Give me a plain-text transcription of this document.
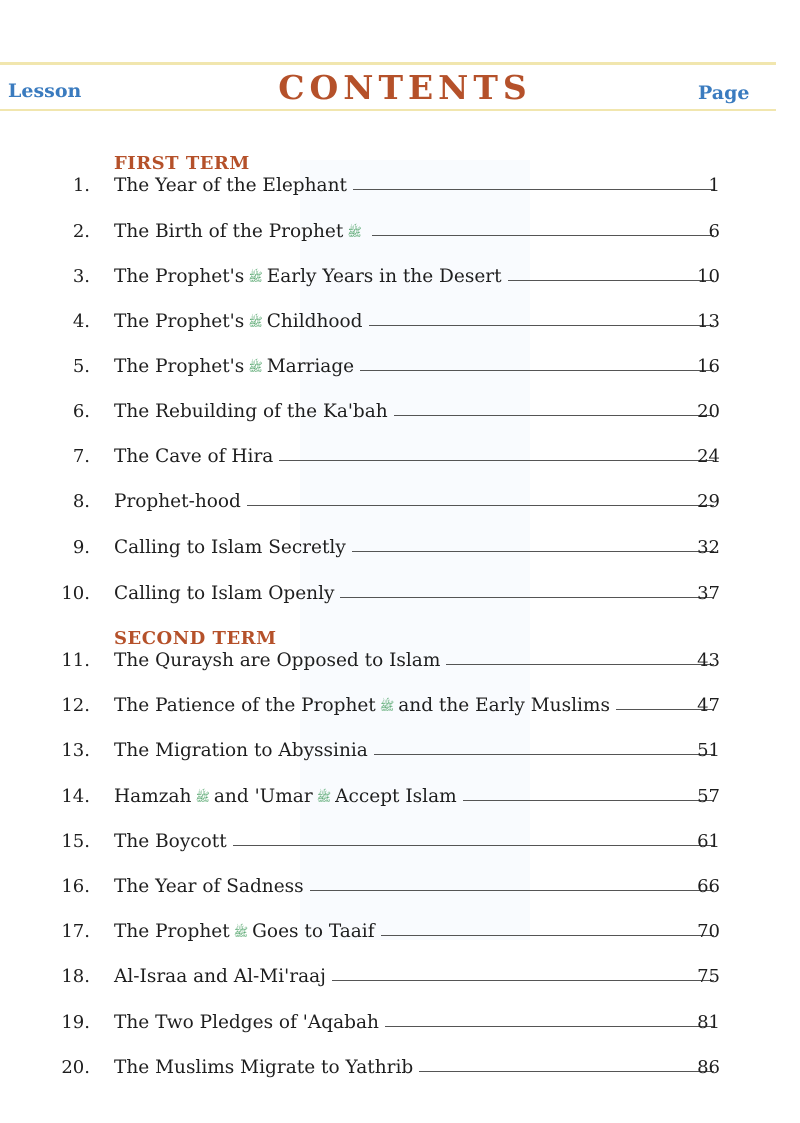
Lesson	CONTENTS	Page
FIRST TERM
SECOND TERM
1. The Year of the Elephant	1
2. The Birth of the Prophet ﷺ	6
3. The Prophet's ﷺ Early Years in the Desert	10
4. The Prophet's ﷺ Childhood	13
5. The Prophet's ﷺ Marriage	16
6. The Rebuilding of the Ka'bah	20
7. The Cave of Hira	24
8. Prophet-hood	29
9. Calling to Islam Secretly	32
10. Calling to Islam Openly	37
11. The Quraysh are Opposed to Islam	43
12. The Patience of the Prophet ﷺ and the Early Muslims	47
13. The Migration to Abyssinia	51
14. Hamzah ﷺ and 'Umar ﷺ Accept Islam	57
15. The Boycott	61
16. The Year of Sadness	66
17. The Prophet ﷺ Goes to Taaif	70
18. Al-Israa and Al-Mi'raaj	75
19. The Two Pledges of 'Aqabah	81
20. The Muslims Migrate to Yathrib	86
